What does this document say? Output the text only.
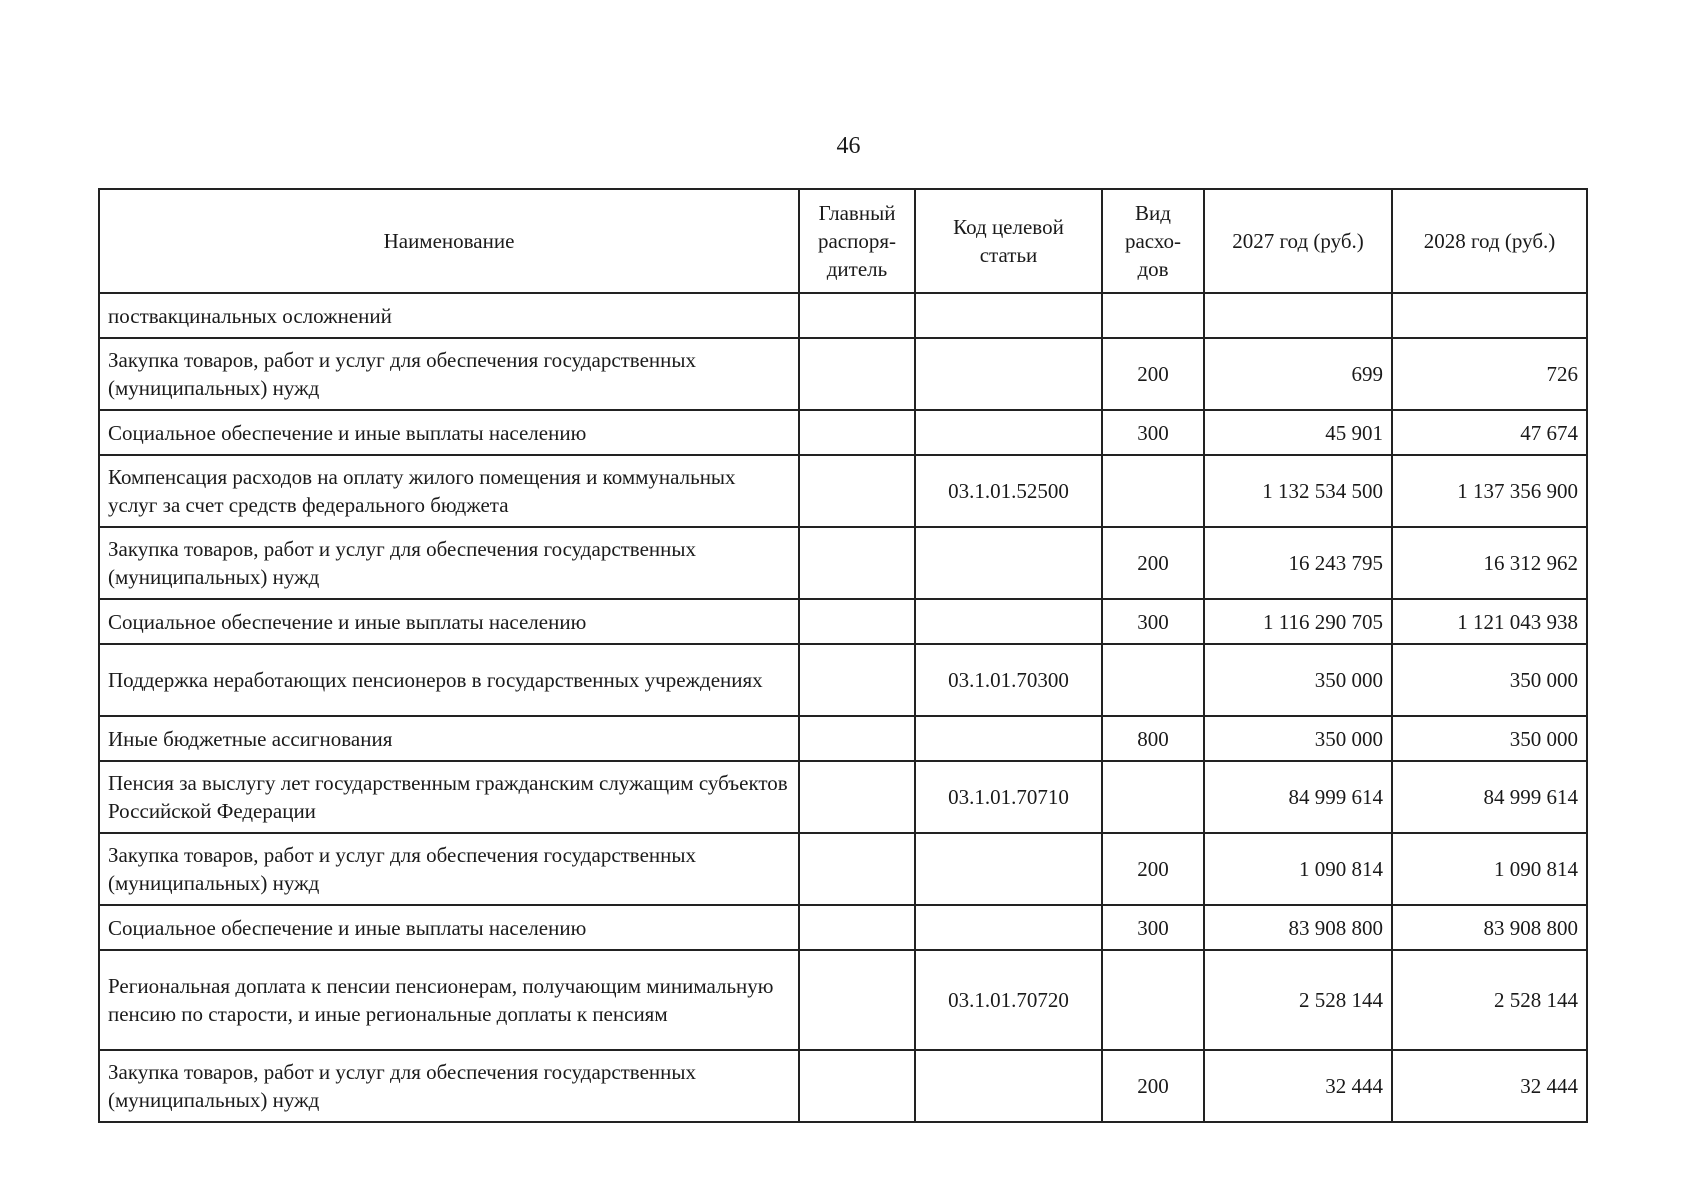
46
Наименование	Главный распоря- дитель	Код целевой статьи	Вид расхо- дов	2027 год (руб.)	2028 год (руб.)
поствакцинальных осложнений					
Закупка товаров, работ и услуг для обеспечения государственных (муниципальных) нужд			200	699	726
Социальное обеспечение и иные выплаты населению			300	45 901	47 674
Компенсация расходов на оплату жилого помещения и коммунальных услуг за счет средств федерального бюджета		03.1.01.52500		1 132 534 500	1 137 356 900
Закупка товаров, работ и услуг для обеспечения государственных (муниципальных) нужд			200	16 243 795	16 312 962
Социальное обеспечение и иные выплаты населению			300	1 116 290 705	1 121 043 938
Поддержка неработающих пенсионеров в государственных учреждениях		03.1.01.70300		350 000	350 000
Иные бюджетные ассигнования			800	350 000	350 000
Пенсия за выслугу лет государственным гражданским служащим субъектов Российской Федерации		03.1.01.70710		84 999 614	84 999 614
Закупка товаров, работ и услуг для обеспечения государственных (муниципальных) нужд			200	1 090 814	1 090 814
Социальное обеспечение и иные выплаты населению			300	83 908 800	83 908 800
Региональная доплата к пенсии пенсионерам, получающим минимальную пенсию по старости, и иные региональные доплаты к пенсиям		03.1.01.70720		2 528 144	2 528 144
Закупка товаров, работ и услуг для обеспечения государственных (муниципальных) нужд			200	32 444	32 444
